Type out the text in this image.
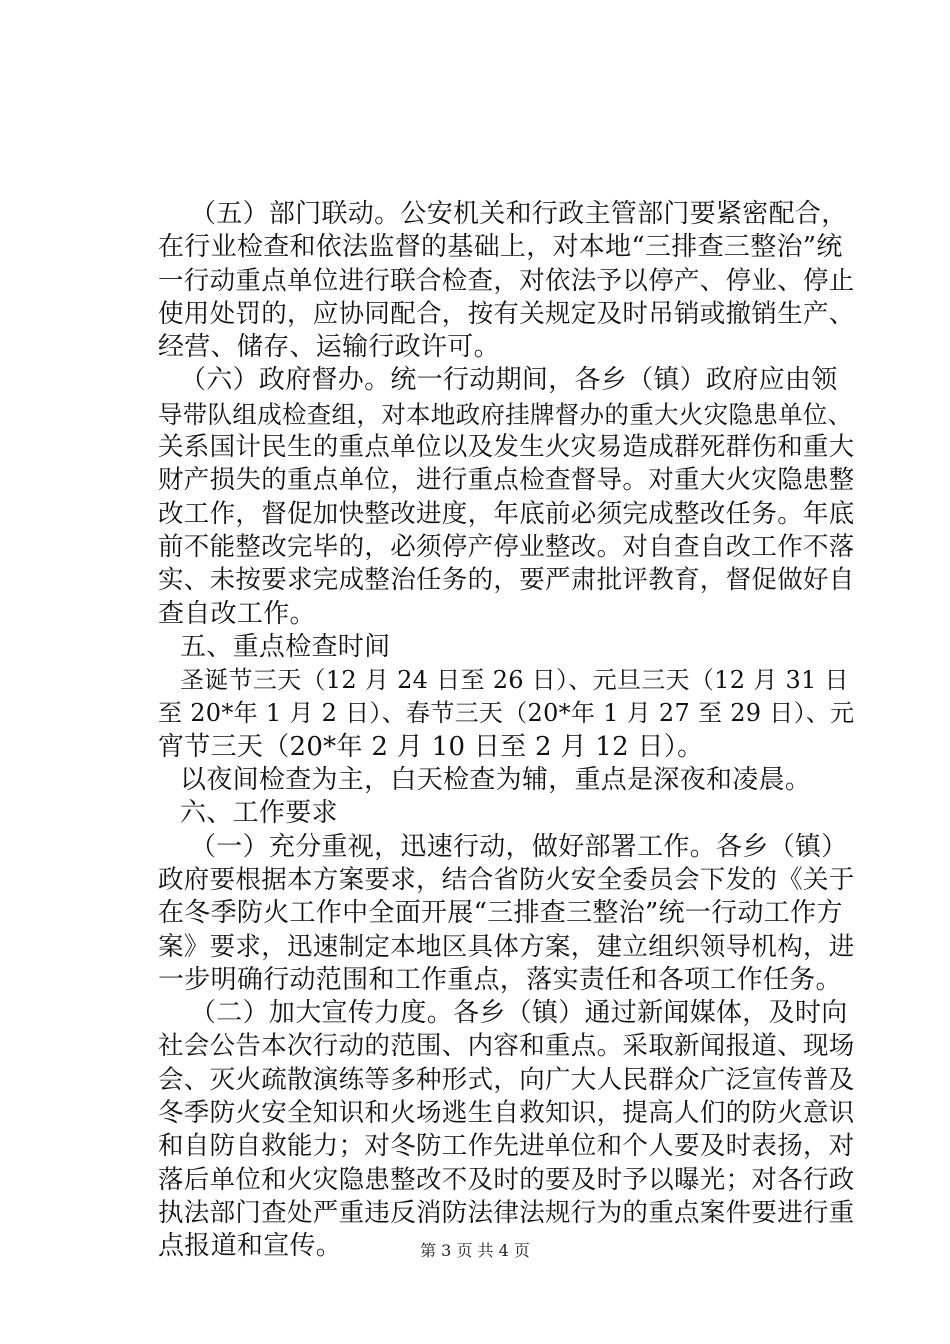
（五）部门联动。公安机关和行政主管部门要紧密配合，
在行业检查和依法监督的基础上，对本地“三排查三整治”统
一行动重点单位进行联合检查，对依法予以停产、停业、停止
使用处罚的，应协同配合，按有关规定及时吊销或撤销生产、
经营、储存、运输行政许可。
（六）政府督办。统一行动期间，各乡（镇）政府应由领
导带队组成检查组，对本地政府挂牌督办的重大火灾隐患单位、
关系国计民生的重点单位以及发生火灾易造成群死群伤和重大
财产损失的重点单位，进行重点检查督导。对重大火灾隐患整
改工作，督促加快整改进度，年底前必须完成整改任务。年底
前不能整改完毕的，必须停产停业整改。对自查自改工作不落
实、未按要求完成整治任务的，要严肃批评教育，督促做好自
查自改工作。
五、重点检查时间
圣诞节三天（12 月 24 日至 26 日）、元旦三天（12 月 31 日
至 20*年 1 月 2 日）、春节三天（20*年 1 月 27 至 29 日）、元
宵节三天（20*年 2 月 10 日至 2 月 12 日）。
以夜间检查为主，白天检查为辅，重点是深夜和凌晨。
六、工作要求
（一）充分重视，迅速行动，做好部署工作。各乡（镇）
政府要根据本方案要求，结合省防火安全委员会下发的《关于
在冬季防火工作中全面开展“三排查三整治”统一行动工作方
案》要求，迅速制定本地区具体方案，建立组织领导机构，进
一步明确行动范围和工作重点，落实责任和各项工作任务。
（二）加大宣传力度。各乡（镇）通过新闻媒体，及时向
社会公告本次行动的范围、内容和重点。采取新闻报道、现场
会、灭火疏散演练等多种形式，向广大人民群众广泛宣传普及
冬季防火安全知识和火场逃生自救知识，提高人们的防火意识
和自防自救能力；对冬防工作先进单位和个人要及时表扬，对
落后单位和火灾隐患整改不及时的要及时予以曝光；对各行政
执法部门查处严重违反消防法律法规行为的重点案件要进行重
点报道和宣传。	第 3 页 共 4 页
